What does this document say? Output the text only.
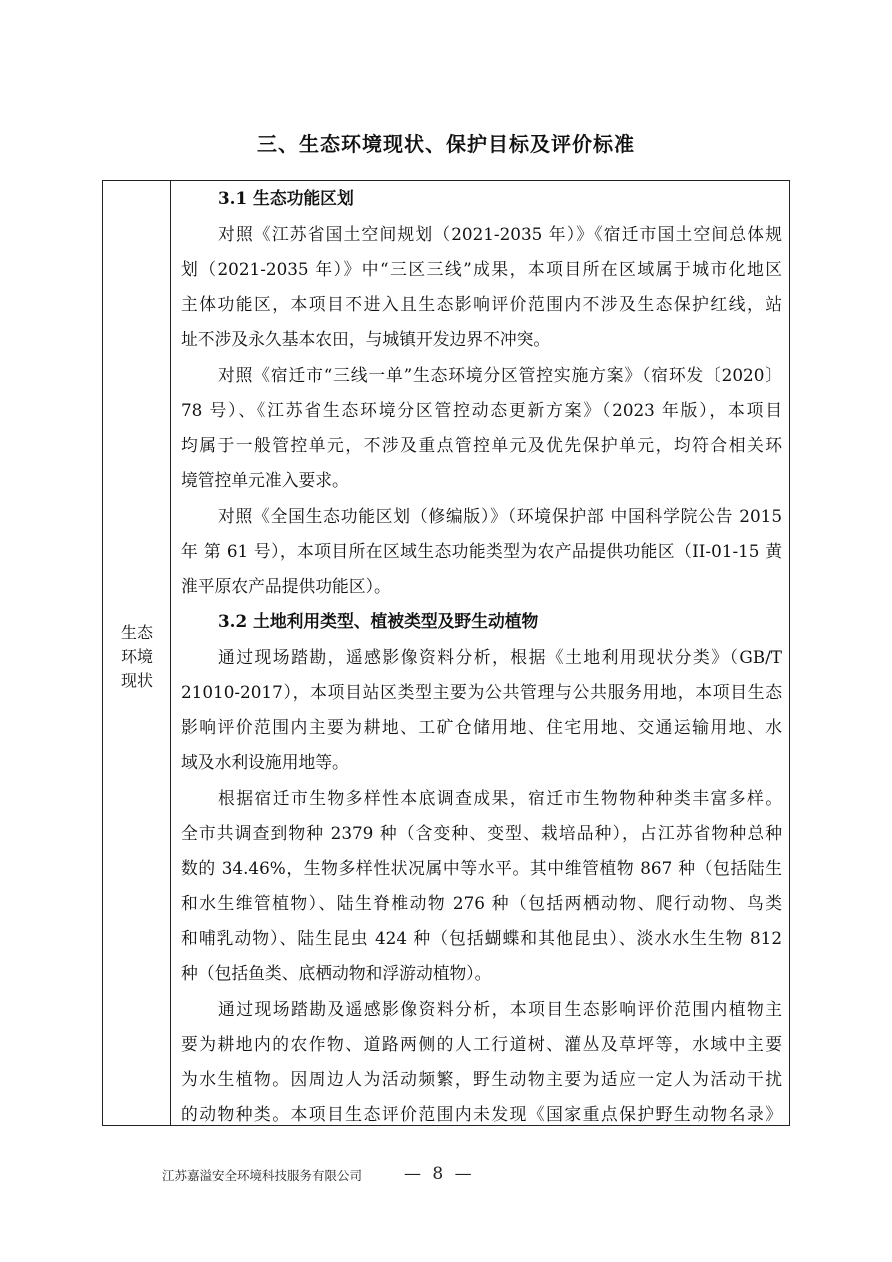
三、生态环境现状、保护目标及评价标准
生态
环境
现状
3.1 生态功能区划
对照《江苏省国土空间规划（2021-2035 年）》《宿迁市国土空间总体规
划（2021-2035 年）》中“三区三线”成果，本项目所在区域属于城市化地区
主体功能区，本项目不进入且生态影响评价范围内不涉及生态保护红线，站
址不涉及永久基本农田，与城镇开发边界不冲突。
对照《宿迁市“三线一单”生态环境分区管控实施方案》（宿环发〔2020〕
78 号）、《江苏省生态环境分区管控动态更新方案》（2023 年版），本项目
均属于一般管控单元，不涉及重点管控单元及优先保护单元，均符合相关环
境管控单元准入要求。
对照《全国生态功能区划（修编版）》（环境保护部 中国科学院公告 2015
年 第 61 号），本项目所在区域生态功能类型为农产品提供功能区（II-01-15 黄
淮平原农产品提供功能区）。
3.2 土地利用类型、植被类型及野生动植物
通过现场踏勘，遥感影像资料分析，根据《土地利用现状分类》（GB/T
21010-2017），本项目站区类型主要为公共管理与公共服务用地，本项目生态
影响评价范围内主要为耕地、工矿仓储用地、住宅用地、交通运输用地、水
域及水利设施用地等。
根据宿迁市生物多样性本底调查成果，宿迁市生物物种种类丰富多样。
全市共调查到物种 2379 种（含变种、变型、栽培品种），占江苏省物种总种
数的 34.46%，生物多样性状况属中等水平。其中维管植物 867 种（包括陆生
和水生维管植物）、陆生脊椎动物 276 种（包括两栖动物、爬行动物、鸟类
和哺乳动物）、陆生昆虫 424 种（包括蝴蝶和其他昆虫）、淡水水生生物 812
种（包括鱼类、底栖动物和浮游动植物）。
通过现场踏勘及遥感影像资料分析，本项目生态影响评价范围内植物主
要为耕地内的农作物、道路两侧的人工行道树、灌丛及草坪等，水域中主要
为水生植物。因周边人为活动频繁，野生动物主要为适应一定人为活动干扰
的动物种类。本项目生态评价范围内未发现《国家重点保护野生动物名录》
江苏嘉溢安全环境科技服务有限公司 — 8 —
